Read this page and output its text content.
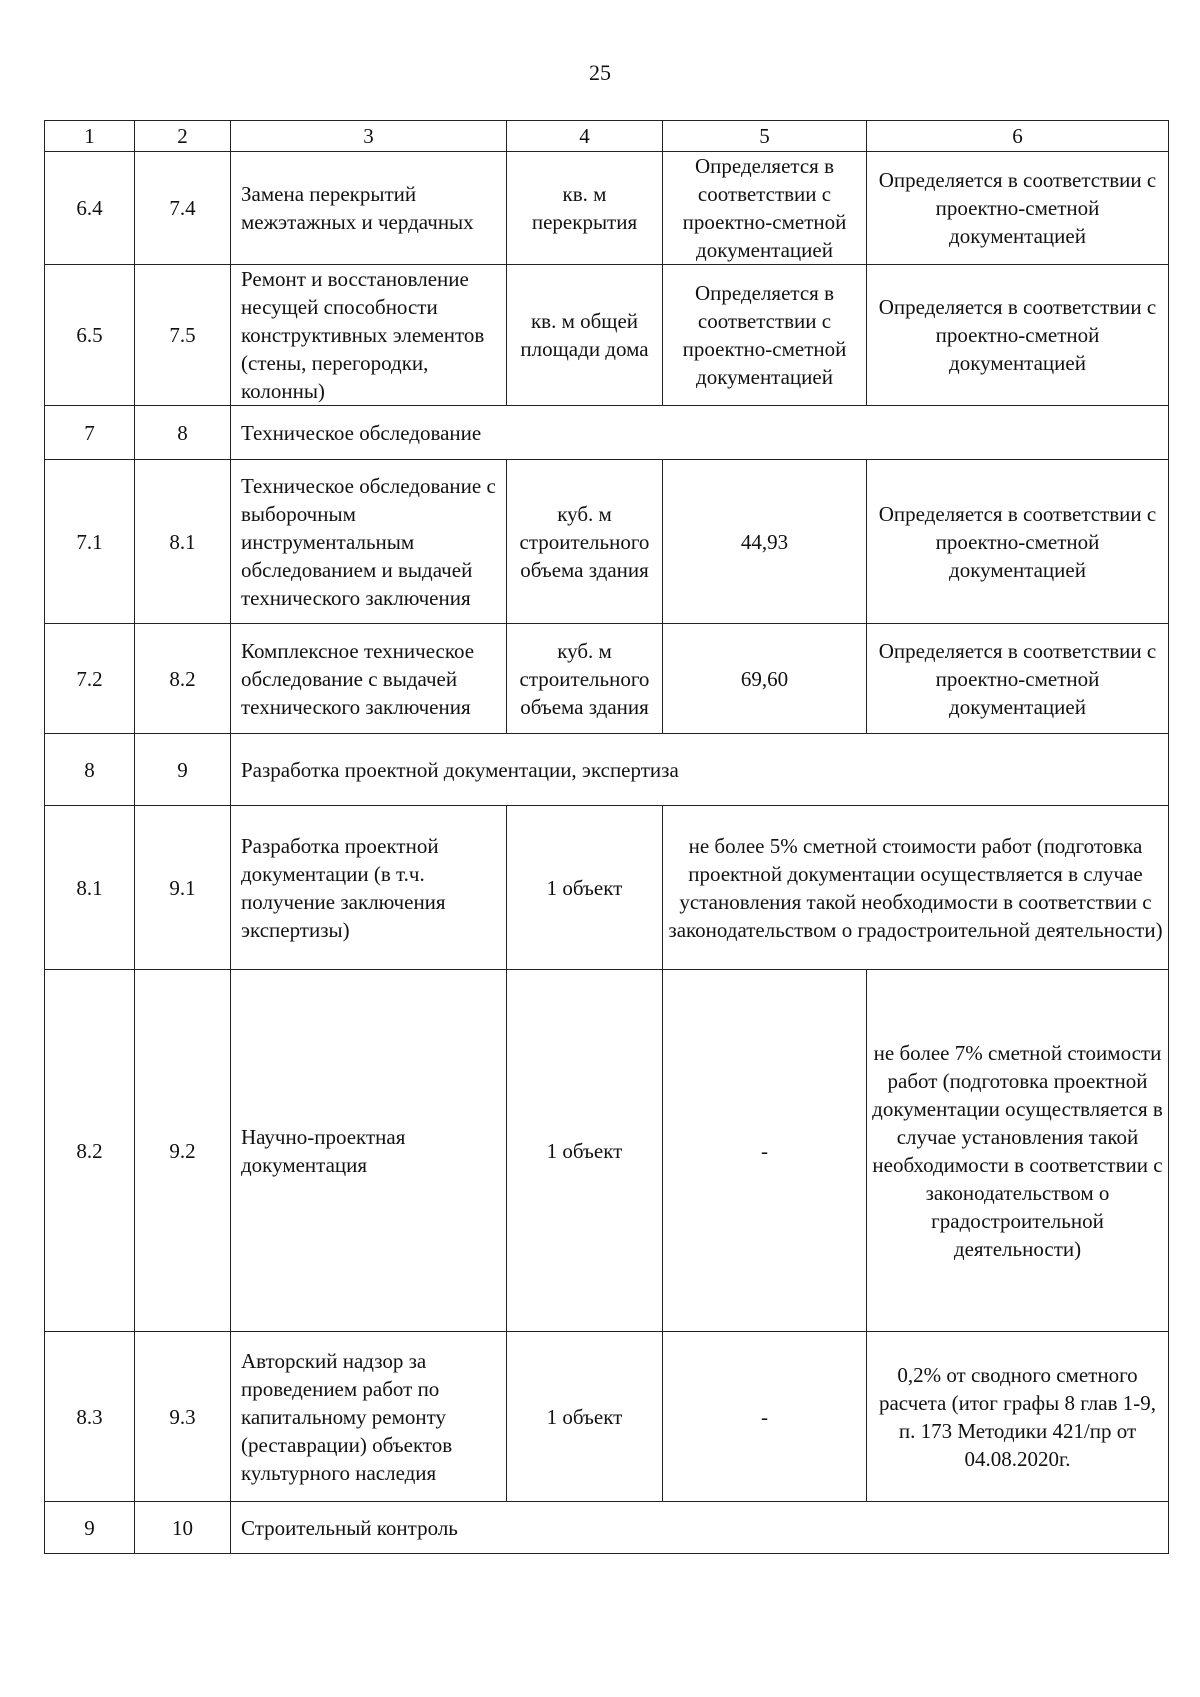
25
1	2	3	4	5	6
6.4	7.4	Замена перекрытий межэтажных и чердачных	кв. м перекрытия	Определяется в соответствии с проектно-сметной документацией	Определяется в соответствии с проектно-сметной документацией
6.5	7.5	Ремонт и восстановление несущей способности конструктивных элементов (стены, перегородки, колонны)	кв. м общей площади дома	Определяется в соответствии с проектно-сметной документацией	Определяется в соответствии с проектно-сметной документацией
7	8	Техническое обследование			
7.1	8.1	Техническое обследование с выборочным инструментальным обследованием и выдачей технического заключения	куб. м строительного объема здания	44,93	Определяется в соответствии с проектно-сметной документацией
7.2	8.2	Комплексное техническое обследование с выдачей технического заключения	куб. м строительного объема здания	69,60	Определяется в соответствии с проектно-сметной документацией
8	9	Разработка проектной документации, экспертиза			
8.1	9.1	Разработка проектной документации (в т.ч. получение заключения экспертизы)	1 объект	не более 5% сметной стоимости работ (подготовка проектной документации осуществляется в случае установления такой необходимости в соответствии с законодательством о градостроительной деятельности)	
8.2	9.2	Научно-проектная документация	1 объект	-	не более 7% сметной стоимости работ (подготовка проектной документации осуществляется в случае установления такой необходимости в соответствии с законодательством о градостроительной деятельности)
8.3	9.3	Авторский надзор за проведением работ по капитальному ремонту (реставрации) объектов культурного наследия	1 объект	-	0,2% от сводного сметного расчета (итог графы 8 глав 1-9, п. 173 Методики 421/пр от 04.08.2020г.
9	10	Строительный контроль			
